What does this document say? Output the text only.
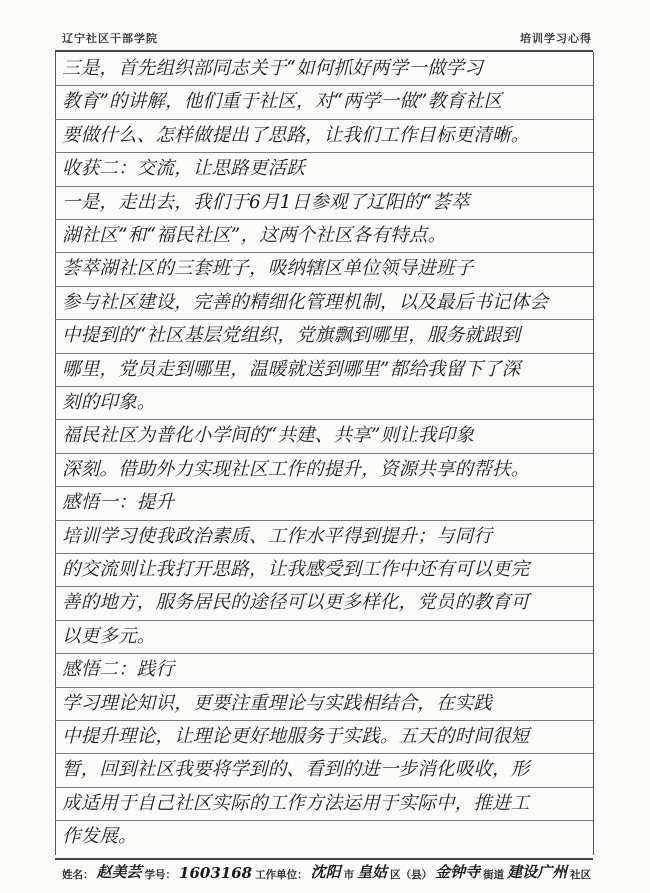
辽宁社区干部学院	培训学习心得
三是，首先组织部同志关于“如何抓好两学一做学习
教育”的讲解，他们重于社区，对“两学一做”教育社区
要做什么、怎样做提出了思路，让我们工作目标更清晰。
收获二：交流，让思路更活跃
一是，走出去，我们于6月1日参观了辽阳的“荟萃
湖社区”和“福民社区”，这两个社区各有特点。
荟萃湖社区的三套班子，吸纳辖区单位领导进班子
参与社区建设，完善的精细化管理机制，以及最后书记体会
中提到的“社区基层党组织，党旗飘到哪里，服务就跟到
哪里，党员走到哪里，温暖就送到哪里”都给我留下了深
刻的印象。
福民社区为普化小学间的“共建、共享”则让我印象
深刻。借助外力实现社区工作的提升，资源共享的帮扶。
感悟一：提升
培训学习使我政治素质、工作水平得到提升；与同行
的交流则让我打开思路，让我感受到工作中还有可以更完
善的地方，服务居民的途径可以更多样化，党员的教育可
以更多元。
感悟二：践行
学习理论知识，更要注重理论与实践相结合，在实践
中提升理论，让理论更好地服务于实践。五天的时间很短
暂，回到社区我要将学到的、看到的进一步消化吸收，形
成适用于自己社区实际的工作方法运用于实际中，推进工
作发展。
姓名： 赵美芸 学号： 1603168 工作单位： 沈阳 市 皇姑 区（县） 金钟寺 街道 建设广州 社区
